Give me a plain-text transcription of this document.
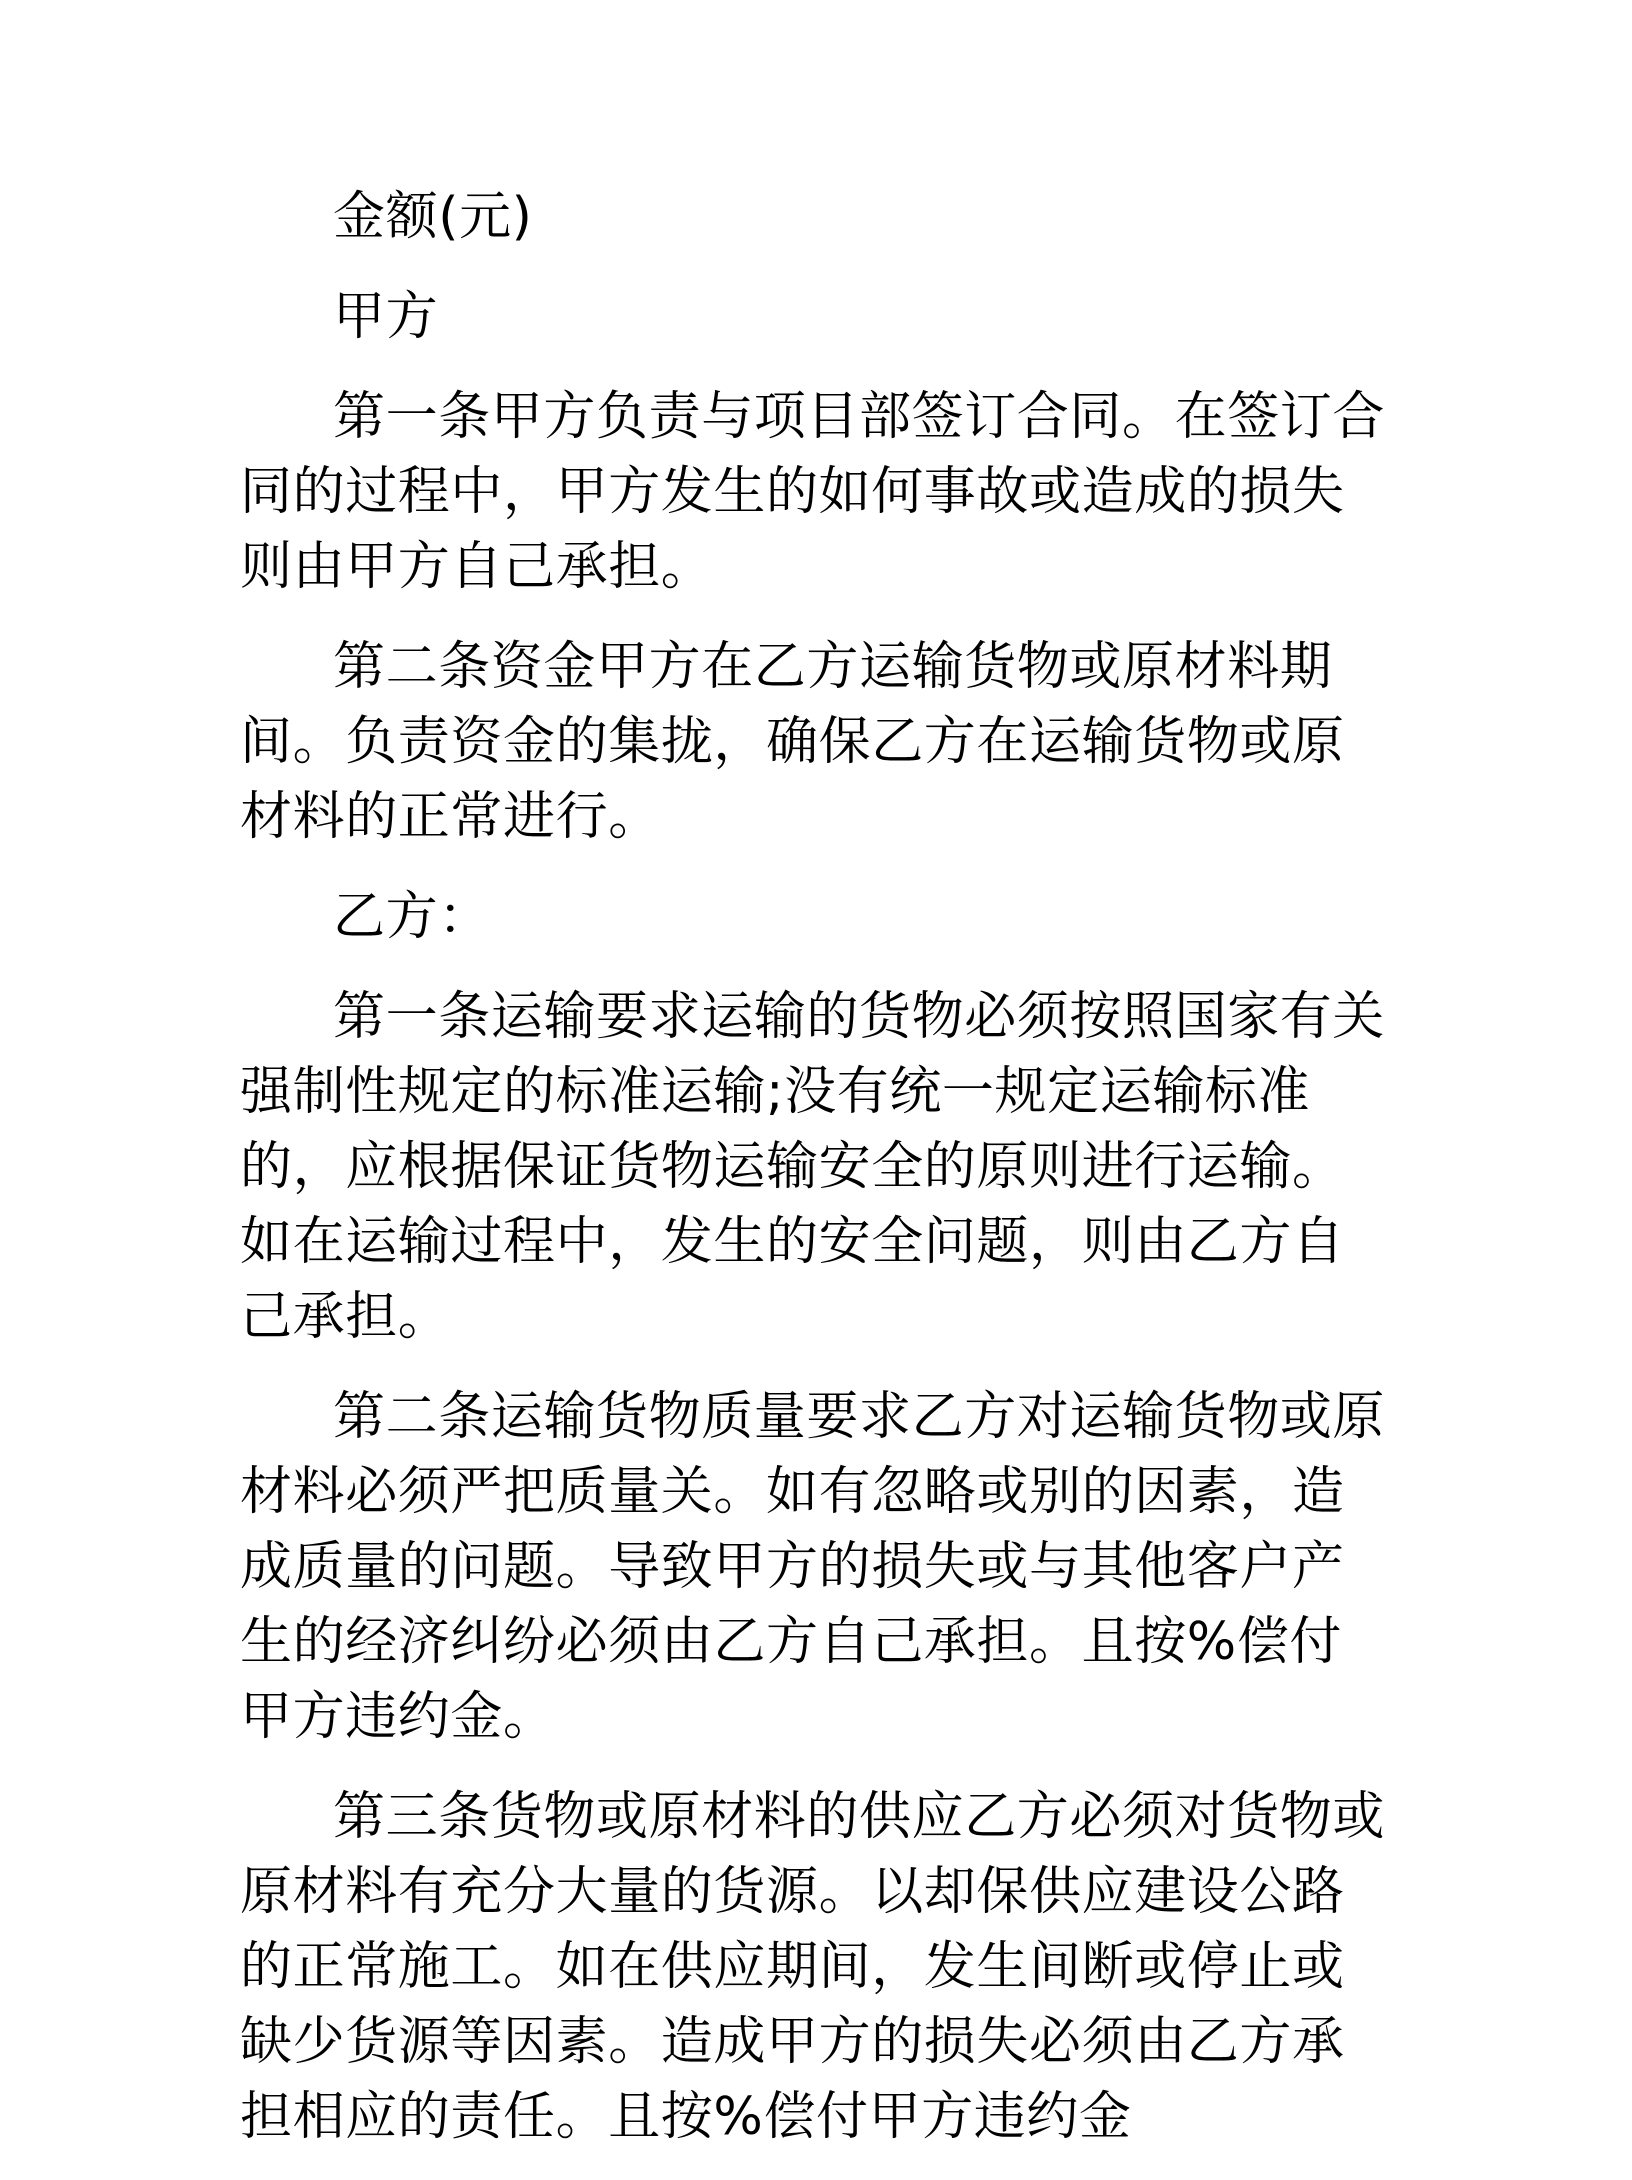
金额(元)

甲方

第一条甲方负责与项目部签订合同。在签订合同的过程中，甲方发生的如何事故或造成的损失则由甲方自己承担。

第二条资金甲方在乙方运输货物或原材料期间。负责资金的集拢，确保乙方在运输货物或原材料的正常进行。

乙方：

第一条运输要求运输的货物必须按照国家有关强制性规定的标准运输;没有统一规定运输标准的，应根据保证货物运输安全的原则进行运输。如在运输过程中，发生的安全问题，则由乙方自己承担。

第二条运输货物质量要求乙方对运输货物或原材料必须严把质量关。如有忽略或别的因素，造成质量的问题。导致甲方的损失或与其他客户产生的经济纠纷必须由乙方自己承担。且按%偿付甲方违约金。

第三条货物或原材料的供应乙方必须对货物或原材料有充分大量的货源。以却保供应建设公路的正常施工。如在供应期间，发生间断或停止或缺少货源等因素。造成甲方的损失必须由乙方承担相应的责任。且按%偿付甲方违约金
